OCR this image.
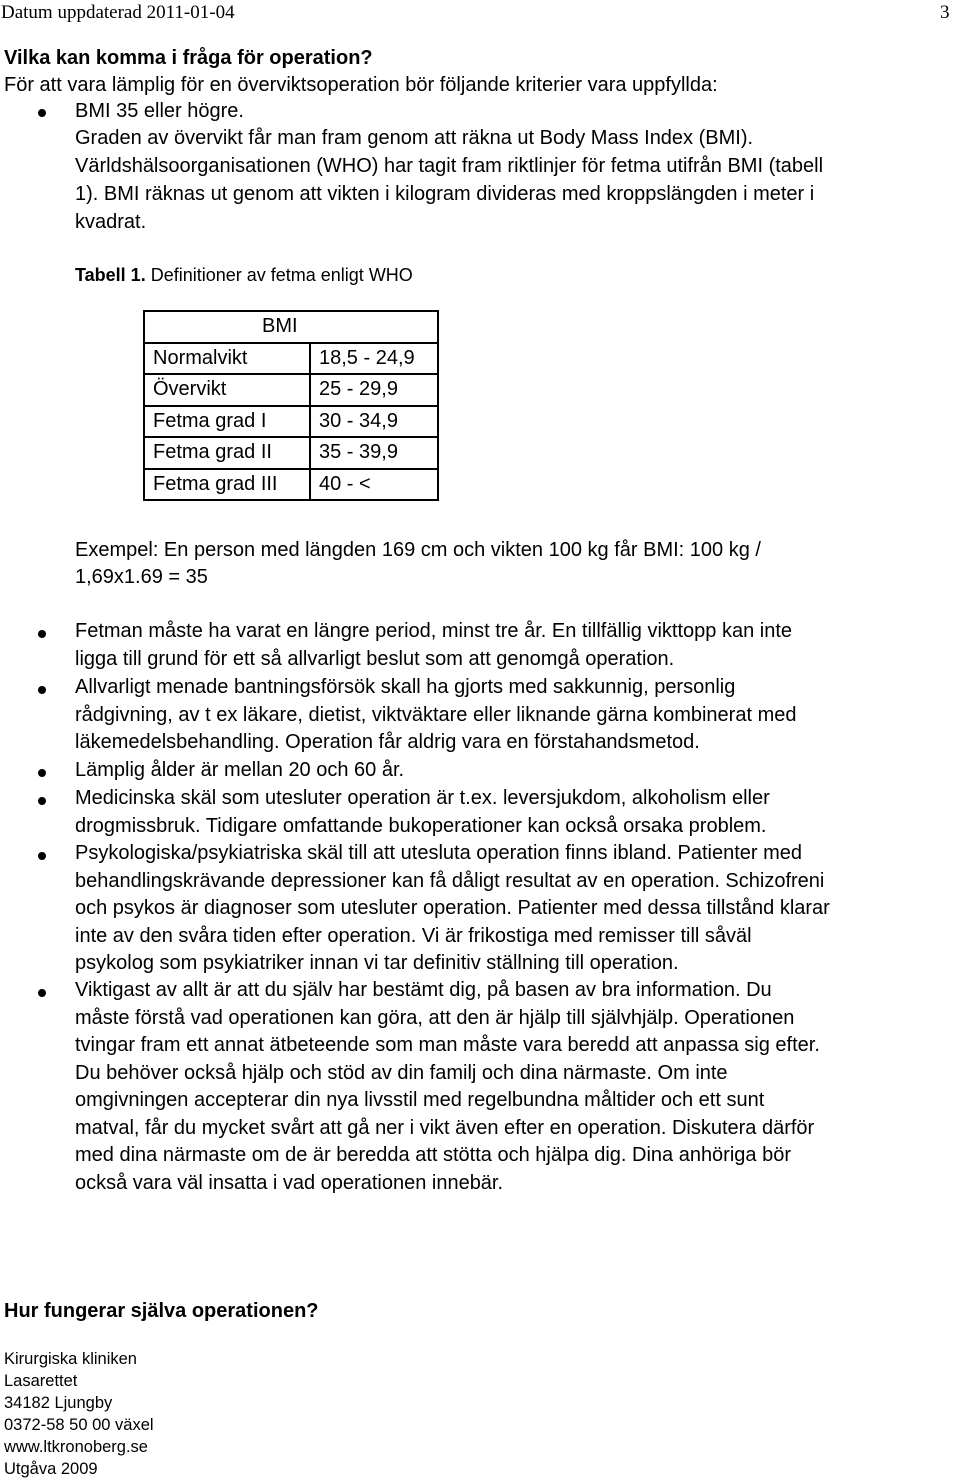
Datum uppdaterad 2011-01-04	3
Vilka kan komma i fråga för operation?
För att vara lämplig för en överviktsoperation bör följande kriterier vara uppfyllda:
BMI 35 eller högre.
Graden av övervikt får man fram genom att räkna ut Body Mass Index (BMI).
Världshälsoorganisationen (WHO) har tagit fram riktlinjer för fetma utifrån BMI (tabell
1). BMI räknas ut genom att vikten i kilogram divideras med kroppslängden i meter i
kvadrat.
Tabell 1. Definitioner av fetma enligt WHO
	BMI
Normalvikt	18,5 - 24,9
Övervikt	25 - 29,9
Fetma grad I	30 - 34,9
Fetma grad II	35 - 39,9
Fetma grad III	40 - <
Exempel: En person med längden 169 cm och vikten 100 kg får BMI: 100 kg /
1,69x1.69 = 35
Fetman måste ha varat en längre period, minst tre år. En tillfällig vikttopp kan inte
ligga till grund för ett så allvarligt beslut som att genomgå operation.
Allvarligt menade bantningsförsök skall ha gjorts med sakkunnig, personlig
rådgivning, av t ex läkare, dietist, viktväktare eller liknande gärna kombinerat med
läkemedelsbehandling. Operation får aldrig vara en förstahandsmetod.
Lämplig ålder är mellan 20 och 60 år.
Medicinska skäl som utesluter operation är t.ex. leversjukdom, alkoholism eller
drogmissbruk. Tidigare omfattande bukoperationer kan också orsaka problem.
Psykologiska/psykiatriska skäl till att utesluta operation finns ibland. Patienter med
behandlingskrävande depressioner kan få dåligt resultat av en operation. Schizofreni
och psykos är diagnoser som utesluter operation. Patienter med dessa tillstånd klarar
inte av den svåra tiden efter operation. Vi är frikostiga med remisser till såväl
psykolog som psykiatriker innan vi tar definitiv ställning till operation.
Viktigast av allt är att du själv har bestämt dig, på basen av bra information. Du
måste förstå vad operationen kan göra, att den är hjälp till självhjälp. Operationen
tvingar fram ett annat ätbeteende som man måste vara beredd att anpassa sig efter.
Du behöver också hjälp och stöd av din familj och dina närmaste. Om inte
omgivningen accepterar din nya livsstil med regelbundna måltider och ett sunt
matval, får du mycket svårt att gå ner i vikt även efter en operation. Diskutera därför
med dina närmaste om de är beredda att stötta och hjälpa dig. Dina anhöriga bör
också vara väl insatta i vad operationen innebär.
Hur fungerar själva operationen?
Kirurgiska kliniken
Lasarettet
34182 Ljungby
0372-58 50 00 växel
www.ltkronoberg.se
Utgåva 2009
